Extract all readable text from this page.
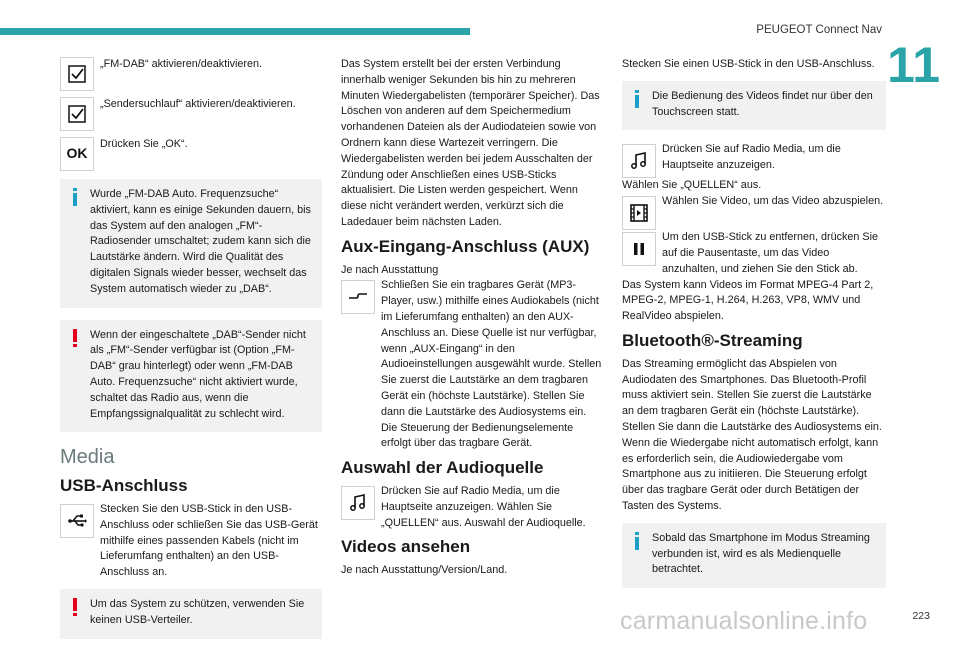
PEUGEOT Connect Nav
11

„FM-DAB“ aktivieren/deaktivieren.

„Sendersuchlauf“ aktivieren/deaktivieren.

OK

Drücken Sie „OK“.

Wurde „FM-DAB Auto. Frequenzsuche“ aktiviert, kann es einige Sekunden dauern, bis das System auf den analogen „FM“-Radiosender umschaltet; zudem kann sich die Lautstärke ändern. Wird die Qualität des digitalen Signals wieder besser, wechselt das System automatisch wieder zu „DAB“.

Wenn der eingeschaltete „DAB“-Sender nicht als „FM“-Sender verfügbar ist (Option „FM-DAB“ grau hinterlegt) oder wenn „FM-DAB Auto. Frequenzsuche“ nicht aktiviert wurde, schaltet das Radio aus, wenn die Empfangssignalqualität zu schlecht wird.

Media
USB-Anschluss

Stecken Sie den USB-Stick in den USB-Anschluss oder schließen Sie das USB-Gerät mithilfe eines passenden Kabels (nicht im Lieferumfang enthalten) an den USB-Anschluss an.

Um das System zu schützen, verwenden Sie keinen USB-Verteiler.

Das System erstellt bei der ersten Verbindung innerhalb weniger Sekunden bis hin zu mehreren Minuten Wiedergabelisten (temporärer Speicher). Das Löschen von anderen auf dem Speichermedium vorhandenen Dateien als der Audiodateien sowie von Ordnern kann diese Wartezeit verringern. Die Wiedergabelisten werden bei jedem Ausschalten der Zündung oder Anschließen eines USB-Sticks aktualisiert. Die Listen werden gespeichert. Wenn diese nicht verändert werden, verkürzt sich die Ladedauer beim nächsten Laden.

Aux-Eingang-Anschluss (AUX)

Je nach Ausstattung

Schließen Sie ein tragbares Gerät (MP3-Player, usw.) mithilfe eines Audiokabels (nicht im Lieferumfang enthalten) an den AUX-Anschluss an. Diese Quelle ist nur verfügbar, wenn „AUX-Eingang“ in den Audioeinstellungen ausgewählt wurde. Stellen Sie zuerst die Lautstärke an dem tragbaren Gerät ein (höchste Lautstärke). Stellen Sie dann die Lautstärke des Audiosystems ein. Die Steuerung der Bedienungselemente erfolgt über das tragbare Gerät.

Auswahl der Audioquelle

Drücken Sie auf Radio Media, um die Hauptseite anzuzeigen. Wählen Sie „QUELLEN“ aus. Auswahl der Audioquelle.

Videos ansehen

Je nach Ausstattung/Version/Land.

Stecken Sie einen USB-Stick in den USB-Anschluss.

Die Bedienung des Videos findet nur über den Touchscreen statt.

Drücken Sie auf Radio Media, um die Hauptseite anzuzeigen.

Wählen Sie „QUELLEN“ aus.

Wählen Sie Video, um das Video abzuspielen.

Um den USB-Stick zu entfernen, drücken Sie auf die Pausentaste, um das Video anzuhalten, und ziehen Sie den Stick ab.

Das System kann Videos im Format MPEG-4 Part 2, MPEG-2, MPEG-1, H.264, H.263, VP8, WMV und RealVideo abspielen.

Bluetooth®-Streaming

Das Streaming ermöglicht das Abspielen von Audiodaten des Smartphones. Das Bluetooth-Profil muss aktiviert sein. Stellen Sie zuerst die Lautstärke an dem tragbaren Gerät ein (höchste Lautstärke). Stellen Sie dann die Lautstärke des Audiosystems ein. Wenn die Wiedergabe nicht automatisch erfolgt, kann es erforderlich sein, die Audiowiedergabe vom Smartphone aus zu initiieren. Die Steuerung erfolgt über das tragbare Gerät oder durch Betätigen der Tasten des Systems.

Sobald das Smartphone im Modus Streaming verbunden ist, wird es als Medienquelle betrachtet.

carmanualsonline.info	223
